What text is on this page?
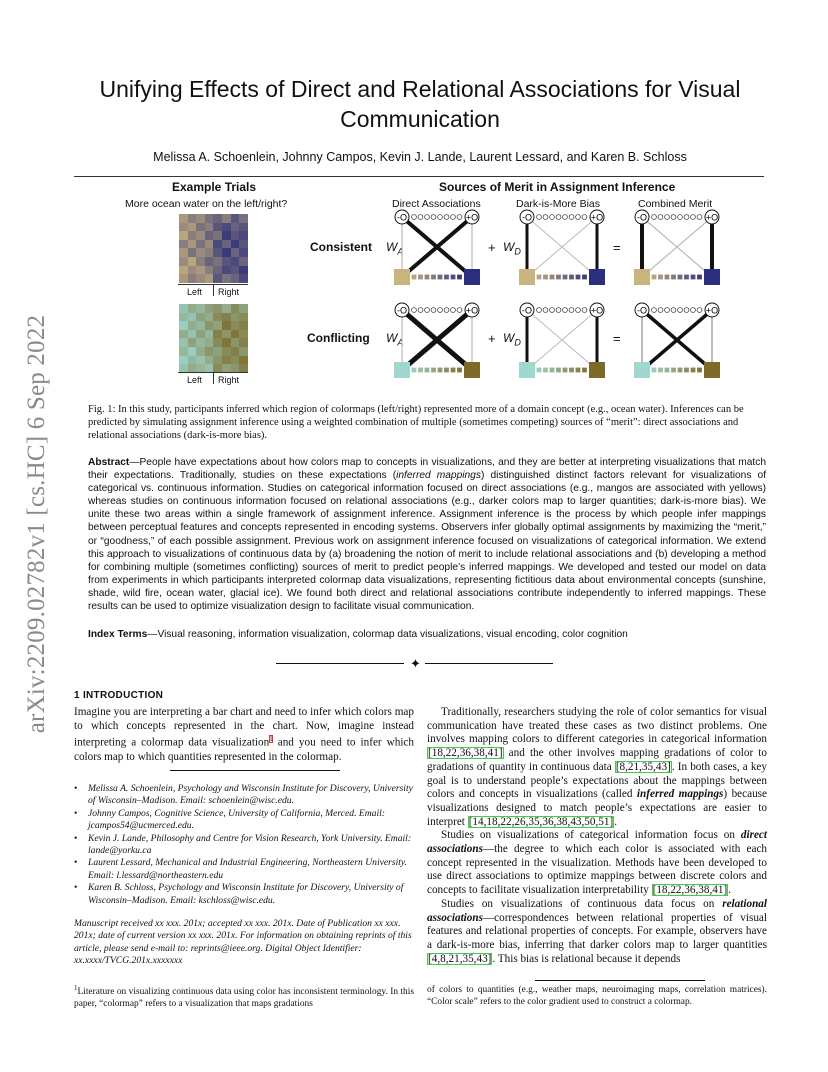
arXiv:2209.02782v1 [cs.HC] 6 Sep 2022
Unifying Effects of Direct and Relational Associations for Visual Communication
Melissa A. Schoenlein, Johnny Campos, Kevin J. Lande, Laurent Lessard, and Karen B. Schloss
Example Trials
More ocean water on the left/right?
Sources of Merit in Assignment Inference
Direct Associations	Dark-is-More Bias	Combined Merit
Left Right
Left Right
Consistent
Conflicting
$W_A$	+ $W_D$	=
$W_A$	+ $W_D$	=
-O	+O	-O	+O	-O	+O
-O	+O	-O	+O	-O	+O

Fig. 1: In this study, participants inferred which region of colormaps (left/right) represented more of a domain concept (e.g., ocean water). Inferences can be predicted by simulating assignment inference using a weighted combination of multiple (sometimes competing) sources of “merit”: direct associations and relational associations (dark-is-more bias).

Abstract—People have expectations about how colors map to concepts in visualizations, and they are better at interpreting visualizations that match their expectations. Traditionally, studies on these expectations (inferred mappings) distinguished distinct factors relevant for visualizations of categorical vs. continuous information. Studies on categorical information focused on direct associations (e.g., mangos are associated with yellows) whereas studies on continuous information focused on relational associations (e.g., darker colors map to larger quantities; dark-is-more bias). We unite these two areas within a single framework of assignment inference. Assignment inference is the process by which people infer mappings between perceptual features and concepts represented in encoding systems. Observers infer globally optimal assignments by maximizing the “merit,” or “goodness,” of each possible assignment. Previous work on assignment inference focused on visualizations of categorical information. We extend this approach to visualizations of continuous data by (a) broadening the notion of merit to include relational associations and (b) developing a method for combining multiple (sometimes conflicting) sources of merit to predict people’s inferred mappings. We developed and tested our model on data from experiments in which participants interpreted colormap data visualizations, representing fictitious data about environmental concepts (sunshine, shade, wild fire, ocean water, glacial ice). We found both direct and relational associations contribute independently to inferred mappings. These results can be used to optimize visualization design to facilitate visual communication.

Index Terms—Visual reasoning, information visualization, colormap data visualizations, visual encoding, color cognition

✦
1 INTRODUCTION

Imagine you are interpreting a bar chart and need to infer which colors map to which concepts represented in the chart. Now, imagine instead interpreting a colormap data visualization$^1$ and you need to infer which colors map to which quantities represented in the colormap.

• Melissa A. Schoenlein, Psychology and Wisconsin Institute for Discovery, University of Wisconsin–Madison. Email: schoenlein@wisc.edu.
• Johnny Campos, Cognitive Science, University of California, Merced. Email: jcampos54@ucmerced.edu.
• Kevin J. Lande, Philosophy and Centre for Vision Research, York University. Email: lande@yorku.ca
• Laurent Lessard, Mechanical and Industrial Engineering, Northeastern University. Email: l.lessard@northeastern.edu
• Karen B. Schloss, Psychology and Wisconsin Institute for Discovery, University of Wisconsin–Madison. Email: kschloss@wisc.edu.

Manuscript received xx xxx. 201x; accepted xx xxx. 201x. Date of Publication xx xxx. 201x; date of current version xx xxx. 201x. For information on obtaining reprints of this article, please send e-mail to: reprints@ieee.org. Digital Object Identifier: xx.xxxx/TVCG.201x.xxxxxxx

$^1$Literature on visualizing continuous data using color has inconsistent terminology. In this paper, “colormap” refers to a visualization that maps gradations

Traditionally, researchers studying the role of color semantics for visual communication have treated these cases as two distinct problems. One involves mapping colors to different categories in categorical information [18,22,36,38,41] and the other involves mapping gradations of color to gradations of quantity in continuous data [8,21,35,43]. In both cases, a key goal is to understand people’s expectations about the mappings between colors and concepts in visualizations (called inferred mappings) because visualizations designed to match people’s expectations are easier to interpret [14,18,22,26,35,36,38,43,50,51].

Studies on visualizations of categorical information focus on direct associations—the degree to which each color is associated with each concept represented in the visualization. Methods have been developed to use direct associations to optimize mappings between discrete colors and concepts to facilitate visualization interpretability [18,22,36,38,41].

Studies on visualizations of continuous data focus on relational associations—correspondences between relational properties of visual features and relational properties of concepts. For example, observers have a dark-is-more bias, inferring that darker colors map to larger quantities [4,8,21,35,43]. This bias is relational because it depends

of colors to quantities (e.g., weather maps, neuroimaging maps, correlation matrices). “Color scale” refers to the color gradient used to construct a colormap.
